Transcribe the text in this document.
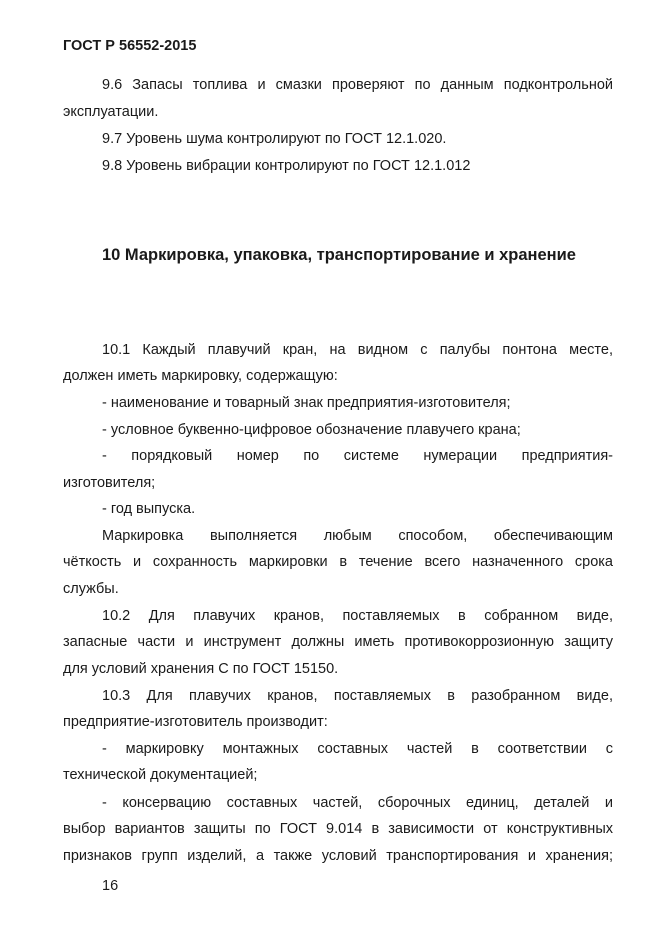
ГОСТ Р 56552-2015
9.6 Запасы топлива и смазки проверяют по данным подконтрольной
эксплуатации.
9.7 Уровень шума контролируют по ГОСТ 12.1.020.
9.8 Уровень вибрации контролируют по ГОСТ 12.1.012
10 Маркировка, упаковка, транспортирование и хранение
10.1 Каждый плавучий кран, на видном с палубы понтона месте,
должен иметь маркировку, содержащую:
- наименование и товарный знак предприятия-изготовителя;
- условное буквенно-цифровое обозначение плавучего крана;
- порядковый номер по системе нумерации предприятия-
изготовителя;
- год выпуска.
Маркировка выполняется любым способом, обеспечивающим
чёткость и сохранность маркировки в течение всего назначенного срока
службы.
10.2 Для плавучих кранов, поставляемых в собранном виде,
запасные части и инструмент должны иметь противокоррозионную защиту
для условий хранения С по ГОСТ 15150.
10.3 Для плавучих кранов, поставляемых в разобранном виде,
предприятие-изготовитель производит:
- маркировку монтажных составных частей в соответствии с
технической документацией;
- консервацию составных частей, сборочных единиц, деталей и
выбор вариантов защиты по ГОСТ 9.014 в зависимости от конструктивных
признаков групп изделий, а также условий транспортирования и хранения;
16
